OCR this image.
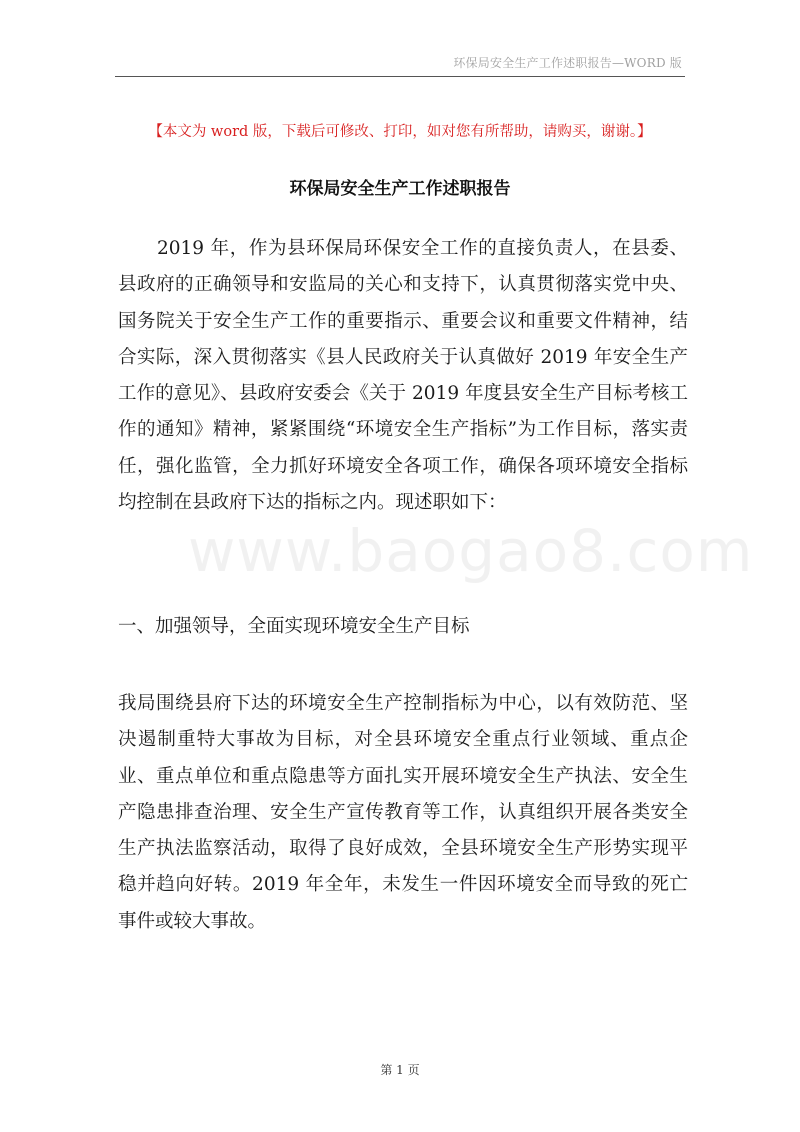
环保局安全生产工作述职报告—WORD 版
【本文为 word 版，下载后可修改、打印，如对您有所帮助，请购买，谢谢。】
环保局安全生产工作述职报告
2019 年，作为县环保局环保安全工作的直接负责人，在县委、县政府的正确领导和安监局的关心和支持下，认真贯彻落实党中央、国务院关于安全生产工作的重要指示、重要会议和重要文件精神，结合实际，深入贯彻落实《县人民政府关于认真做好 2019 年安全生产工作的意见》、县政府安委会《关于 2019 年度县安全生产目标考核工作的通知》精神，紧紧围绕“环境安全生产指标”为工作目标，落实责任，强化监管，全力抓好环境安全各项工作，确保各项环境安全指标均控制在县政府下达的指标之内。现述职如下：
www.baogao8.com
一、加强领导，全面实现环境安全生产目标
我局围绕县府下达的环境安全生产控制指标为中心，以有效防范、坚决遏制重特大事故为目标，对全县环境安全重点行业领域、重点企业、重点单位和重点隐患等方面扎实开展环境安全生产执法、安全生产隐患排查治理、安全生产宣传教育等工作，认真组织开展各类安全生产执法监察活动，取得了良好成效，全县环境安全生产形势实现平稳并趋向好转。2019 年全年，未发生一件因环境安全而导致的死亡事件或较大事故。
第 1 页
